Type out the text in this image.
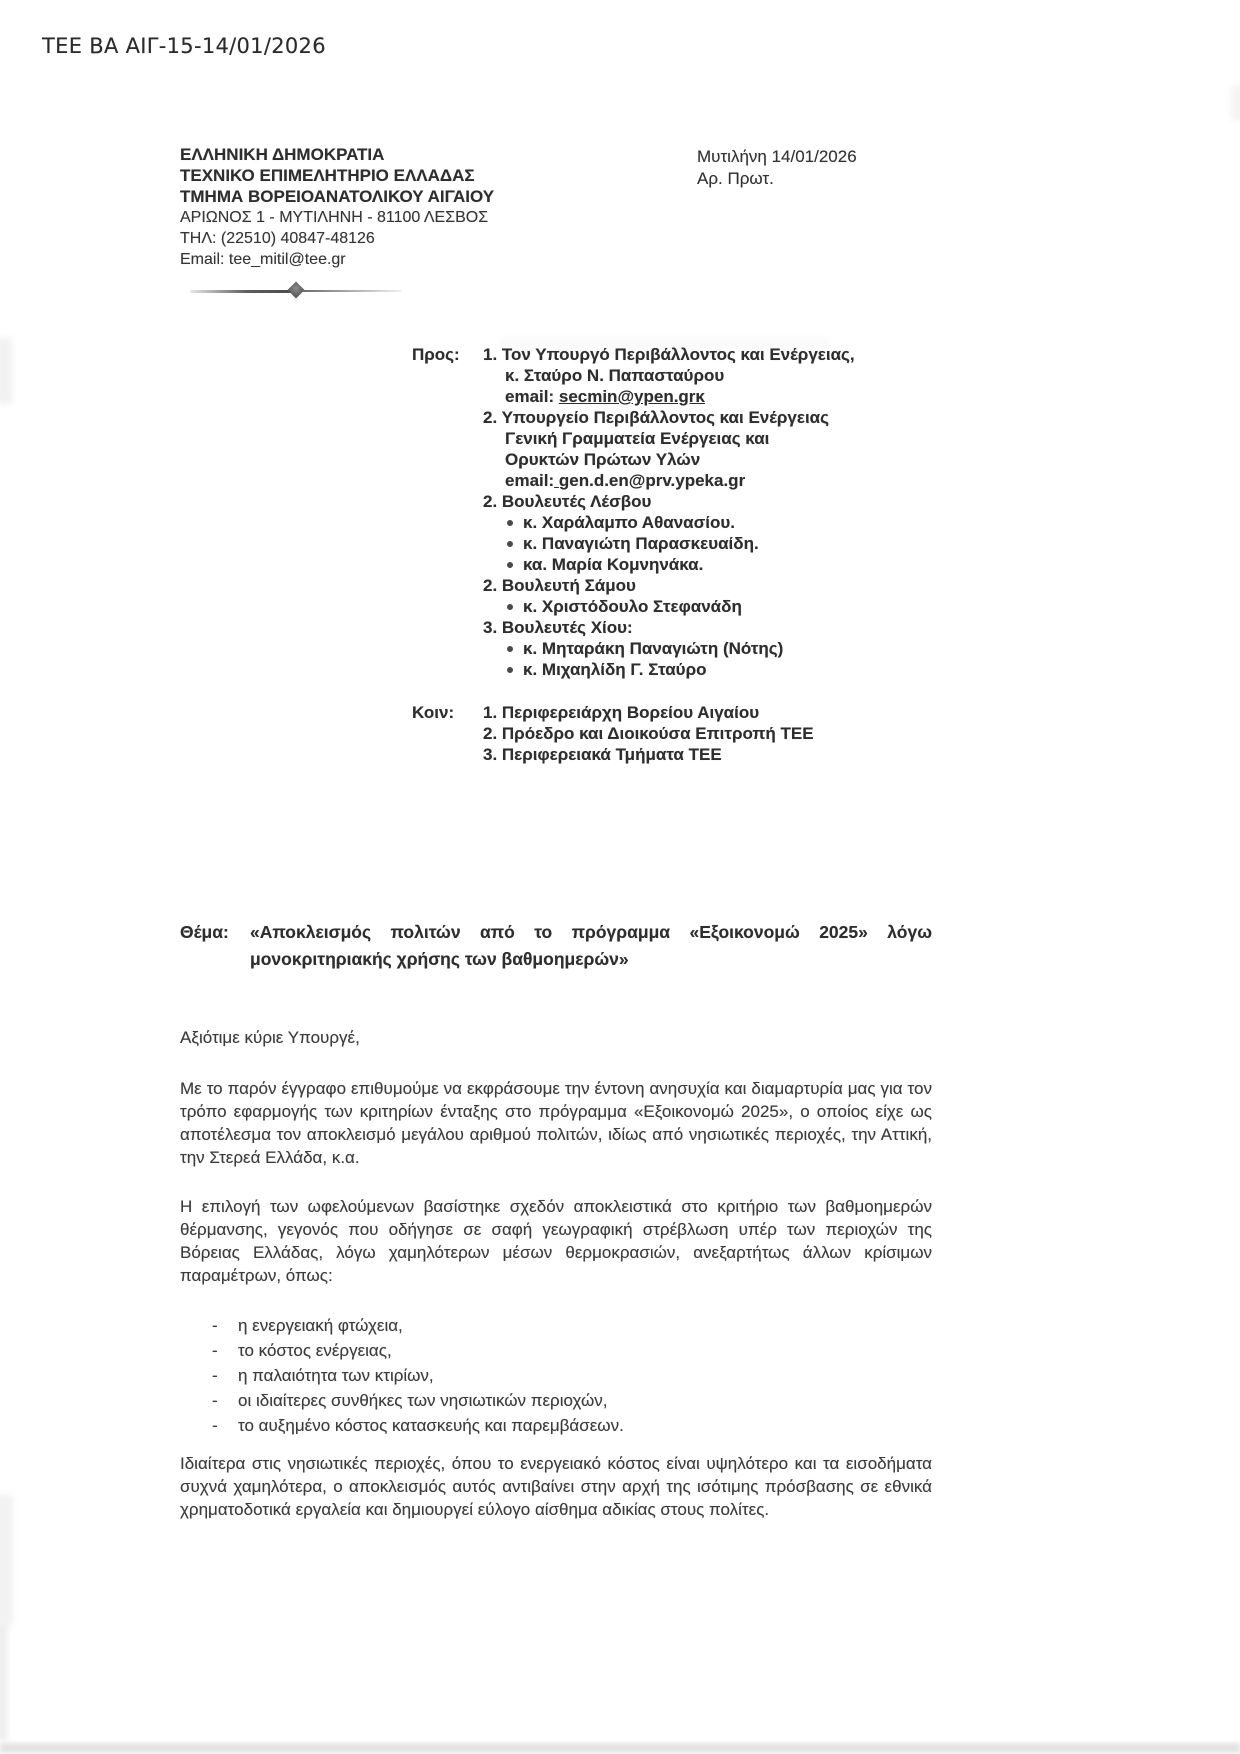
ΤΕΕ ΒΑ ΑΙΓ-15-14/01/2026
ΕΛΛΗΝΙΚΗ ΔΗΜΟΚΡΑΤΙΑ
ΤΕΧΝΙΚΟ ΕΠΙΜΕΛΗΤΗΡΙΟ ΕΛΛΑΔΑΣ
ΤΜΗΜΑ ΒΟΡΕΙΟΑΝΑΤΟΛΙΚΟΥ ΑΙΓΑΙΟΥ
ΑΡΙΩΝΟΣ 1 - ΜΥΤΙΛΗΝΗ - 81100 ΛΕΣΒΟΣ
ΤΗΛ: (22510) 40847-48126
Email: tee_mitil@tee.gr
Μυτιλήνη 14/01/2026
Αρ. Πρωτ.
Προς: 1. Τον Υπουργό Περιβάλλοντος και Ενέργειας,
κ. Σταύρο Ν. Παπασταύρου
email: secmin@ypen.grκ
2. Υπουργείο Περιβάλλοντος και Ενέργειας
Γενική Γραμματεία Ενέργειας και
Ορυκτών Πρώτων Υλών
email: gen.d.en@prv.ypeka.gr
2. Βουλευτές Λέσβου
κ. Χαράλαμπο Αθανασίου.
κ. Παναγιώτη Παρασκευαίδη.
κα. Μαρία Κομνηνάκα.
2. Βουλευτή Σάμου
κ. Χριστόδουλο Στεφανάδη
3. Βουλευτές Χίου:
κ. Μηταράκη Παναγιώτη (Νότης)
κ. Μιχαηλίδη Γ. Σταύρο
Κοιν: 1. Περιφερειάρχη Βορείου Αιγαίου
2. Πρόεδρο και Διοικούσα Επιτροπή ΤΕΕ
3. Περιφερειακά Τμήματα ΤΕΕ
Θέμα:	«Αποκλεισμός πολιτών από το πρόγραμμα «Εξοικονομώ 2025» λόγω μονοκριτηριακής χρήσης των βαθμοημερών»
Αξιότιμε κύριε Υπουργέ,

Με το παρόν έγγραφο επιθυμούμε να εκφράσουμε την έντονη ανησυχία και διαμαρτυρία μας για τον τρόπο εφαρμογής των κριτηρίων ένταξης στο πρόγραμμα «Εξοικονομώ 2025», ο οποίος είχε ως αποτέλεσμα τον αποκλεισμό μεγάλου αριθμού πολιτών, ιδίως από νησιωτικές περιοχές, την Αττική, την Στερεά Ελλάδα, κ.α.

Η επιλογή των ωφελούμενων βασίστηκε σχεδόν αποκλειστικά στο κριτήριο των βαθμοημερών θέρμανσης, γεγονός που οδήγησε σε σαφή γεωγραφική στρέβλωση υπέρ των περιοχών της Βόρειας Ελλάδας, λόγω χαμηλότερων μέσων θερμοκρασιών, ανεξαρτήτως άλλων κρίσιμων παραμέτρων, όπως:

- η ενεργειακή φτώχεια,
- το κόστος ενέργειας,
- η παλαιότητα των κτιρίων,
- οι ιδιαίτερες συνθήκες των νησιωτικών περιοχών,
- το αυξημένο κόστος κατασκευής και παρεμβάσεων.

Ιδιαίτερα στις νησιωτικές περιοχές, όπου το ενεργειακό κόστος είναι υψηλότερο και τα εισοδήματα συχνά χαμηλότερα, ο αποκλεισμός αυτός αντιβαίνει στην αρχή της ισότιμης πρόσβασης σε εθνικά χρηματοδοτικά εργαλεία και δημιουργεί εύλογο αίσθημα αδικίας στους πολίτες.
